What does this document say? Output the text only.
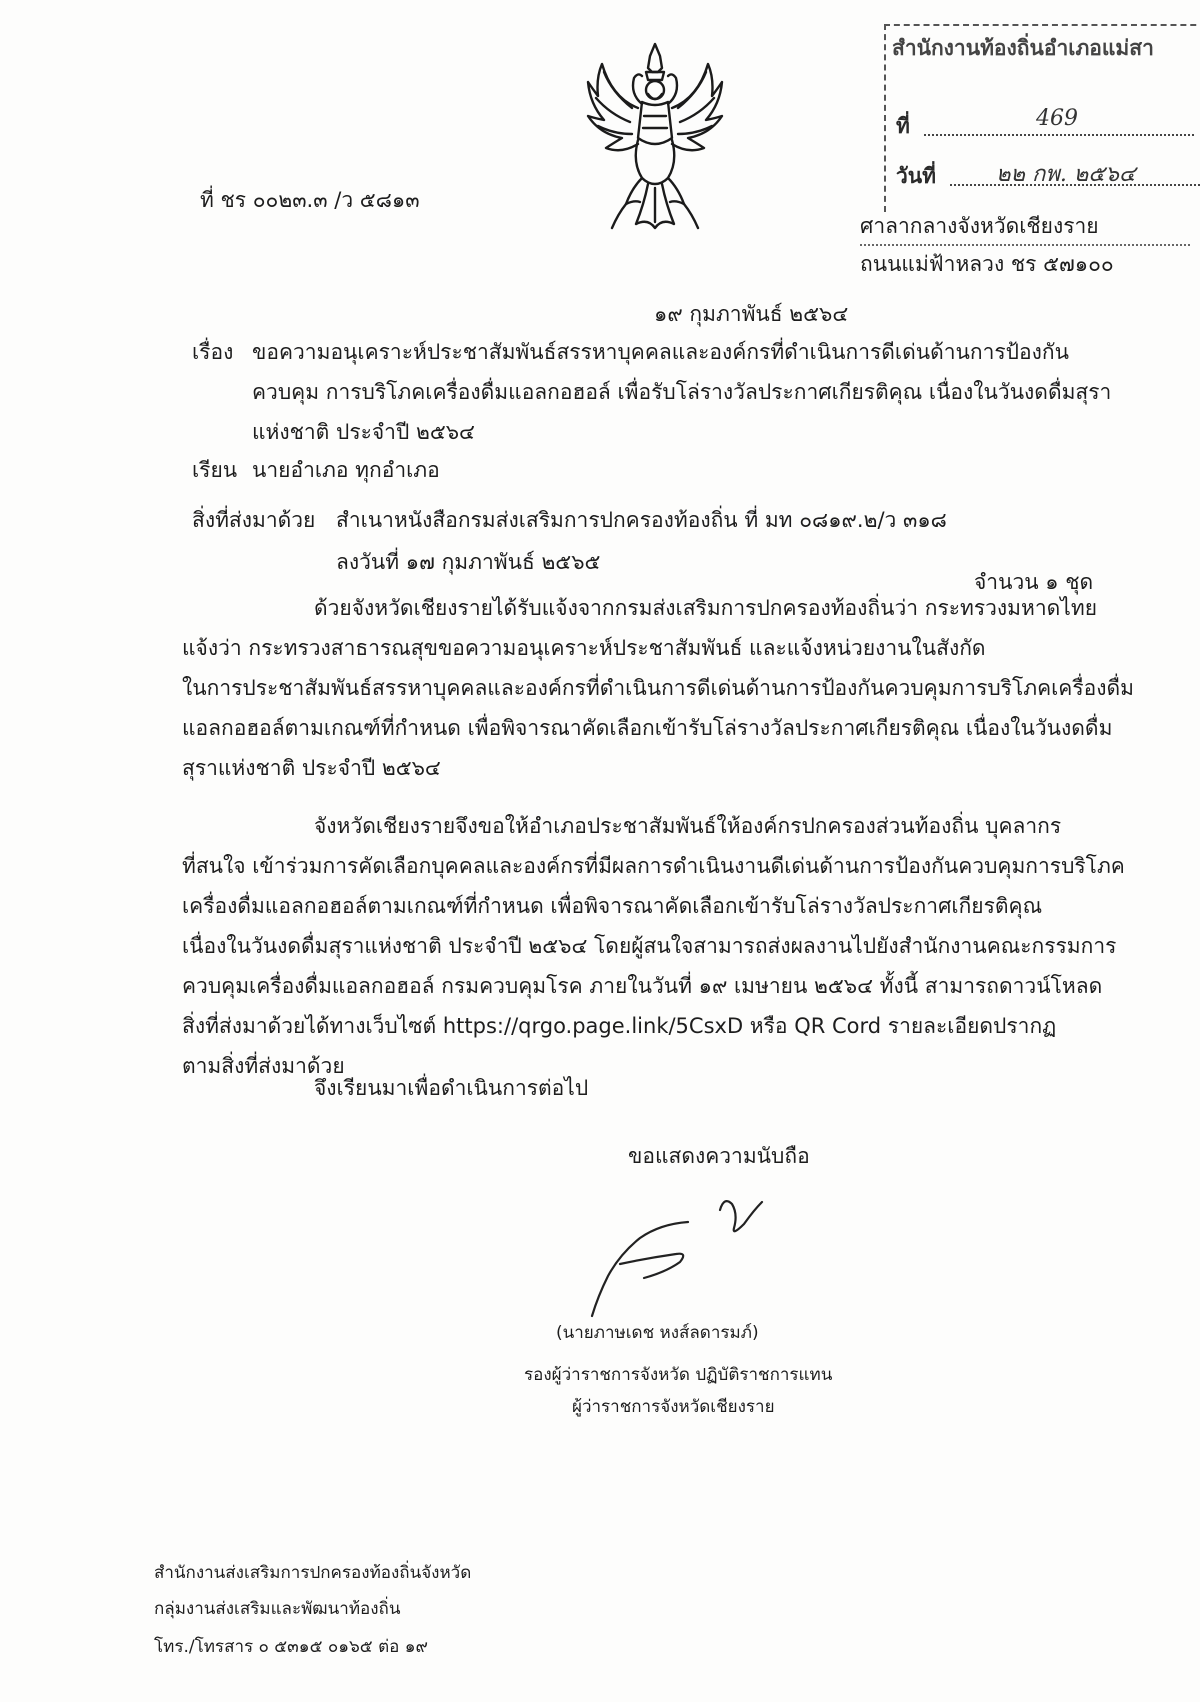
สำนักงานท้องถิ่นอำเภอแม่สา
ที่	469
วันที่	๒๒ กพ. ๒๕๖๔
ที่ ชร ๐๐๒๓.๓ /ว ๕๘๑๓
ศาลากลางจังหวัดเชียงราย
ถนนแม่ฟ้าหลวง ชร ๕๗๑๐๐
๑๙ กุมภาพันธ์ ๒๕๖๔
เรื่อง ขอความอนุเคราะห์ประชาสัมพันธ์สรรหาบุคคลและองค์กรที่ดำเนินการดีเด่นด้านการป้องกัน
ควบคุม การบริโภคเครื่องดื่มแอลกอฮอล์ เพื่อรับโล่รางวัลประกาศเกียรติคุณ เนื่องในวันงดดื่มสุรา
แห่งชาติ ประจำปี ๒๕๖๔
เรียน นายอำเภอ ทุกอำเภอ
สิ่งที่ส่งมาด้วย สำเนาหนังสือกรมส่งเสริมการปกครองท้องถิ่น ที่ มท ๐๘๑๙.๒/ว ๓๑๘
ลงวันที่ ๑๗ กุมภาพันธ์ ๒๕๖๕
จำนวน ๑ ชุด
ด้วยจังหวัดเชียงรายได้รับแจ้งจากกรมส่งเสริมการปกครองท้องถิ่นว่า กระทรวงมหาดไทย
แจ้งว่า กระทรวงสาธารณสุขขอความอนุเคราะห์ประชาสัมพันธ์ และแจ้งหน่วยงานในสังกัด
ในการประชาสัมพันธ์สรรหาบุคคลและองค์กรที่ดำเนินการดีเด่นด้านการป้องกันควบคุมการบริโภคเครื่องดื่ม
แอลกอฮอล์ตามเกณฑ์ที่กำหนด เพื่อพิจารณาคัดเลือกเข้ารับโล่รางวัลประกาศเกียรติคุณ เนื่องในวันงดดื่ม
สุราแห่งชาติ ประจำปี ๒๕๖๔
จังหวัดเชียงรายจึงขอให้อำเภอประชาสัมพันธ์ให้องค์กรปกครองส่วนท้องถิ่น บุคลากร
ที่สนใจ เข้าร่วมการคัดเลือกบุคคลและองค์กรที่มีผลการดำเนินงานดีเด่นด้านการป้องกันควบคุมการบริโภค
เครื่องดื่มแอลกอฮอล์ตามเกณฑ์ที่กำหนด เพื่อพิจารณาคัดเลือกเข้ารับโล่รางวัลประกาศเกียรติคุณ
เนื่องในวันงดดื่มสุราแห่งชาติ ประจำปี ๒๕๖๔ โดยผู้สนใจสามารถส่งผลงานไปยังสำนักงานคณะกรรมการ
ควบคุมเครื่องดื่มแอลกอฮอล์ กรมควบคุมโรค ภายในวันที่ ๑๙ เมษายน ๒๕๖๔ ทั้งนี้ สามารถดาวน์โหลด
สิ่งที่ส่งมาด้วยได้ทางเว็บไซต์ https://qrgo.page.link/5CsxD หรือ QR Cord รายละเอียดปรากฏ
ตามสิ่งที่ส่งมาด้วย
จึงเรียนมาเพื่อดำเนินการต่อไป
ขอแสดงความนับถือ
(นายภาษเดช หงส์ลดารมภ์)
รองผู้ว่าราชการจังหวัด ปฏิบัติราชการแทน
ผู้ว่าราชการจังหวัดเชียงราย
สำนักงานส่งเสริมการปกครองท้องถิ่นจังหวัด
กลุ่มงานส่งเสริมและพัฒนาท้องถิ่น
โทร./โทรสาร ๐ ๕๓๑๕ ๐๑๖๕ ต่อ ๑๙
